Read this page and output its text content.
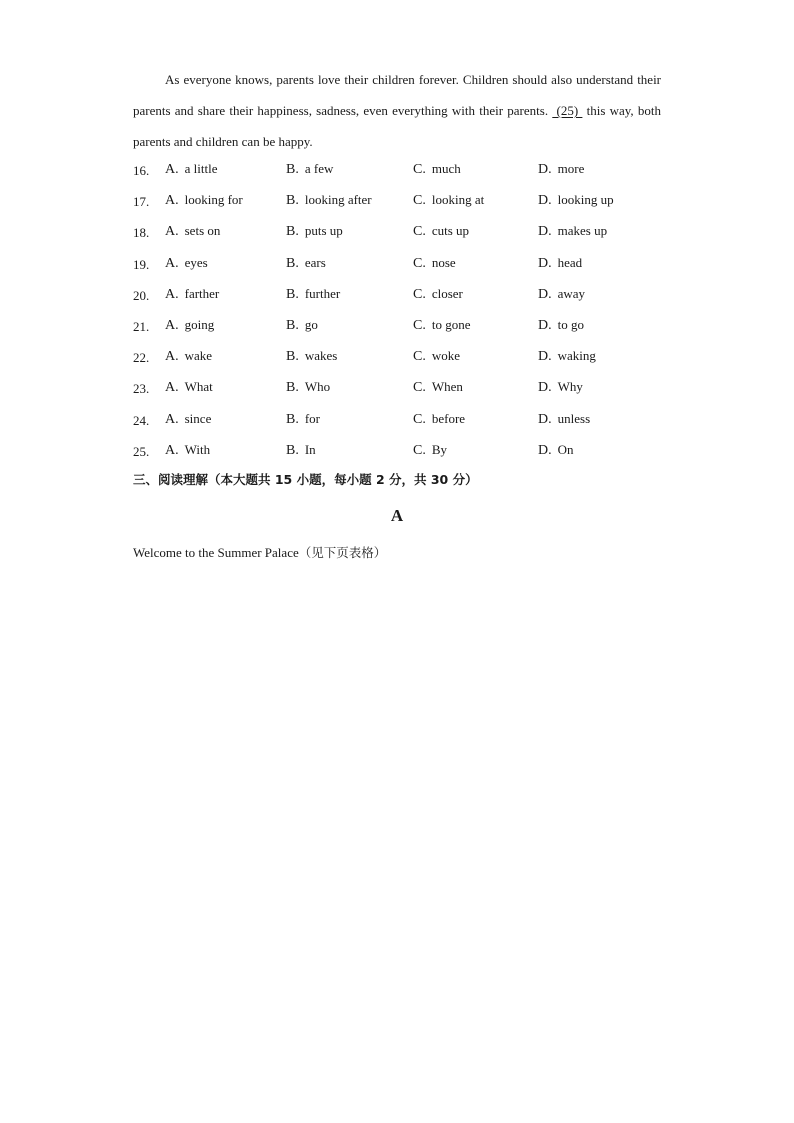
As everyone knows, parents love their children forever. Children should also understand their parents and share their happiness, sadness, even everything with their parents.  (25)  this way, both parents and children can be happy.
16. A. a little	B. a few	C. much	D. more
17. A. looking for	B. looking after	C. looking at	D. looking up
18. A. sets on	B. puts up	C. cuts up	D. makes up
19. A. eyes	B. ears	C. nose	D. head
20. A. farther	B. further	C. closer	D. away
21. A. going	B. go	C. to gone	D. to go
22. A. wake	B. wakes	C. woke	D. waking
23. A. What	B. Who	C. When	D. Why
24. A. since	B. for	C. before	D. unless
25. A. With	B. In	C. By	D. On
三、阅读理解（本大题共 15 小题，每小题 2 分，共 30 分）
A
Welcome to the Summer Palace（见下页表格）
